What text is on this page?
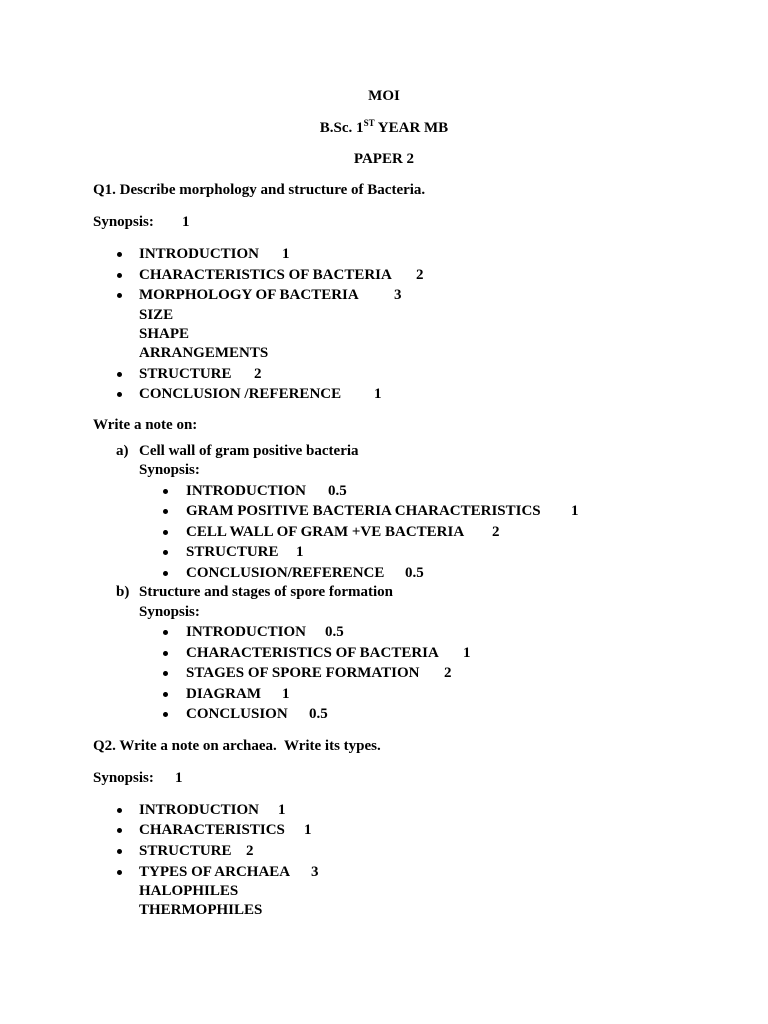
MOI
B.Sc. 1ST YEAR MB
PAPER 2
Q1. Describe morphology and structure of Bacteria.
Synopsis: 1
INTRODUCTION 1
CHARACTERISTICS OF BACTERIA 2
MORPHOLOGY OF BACTERIA 3
SIZE
SHAPE
ARRANGEMENTS
STRUCTURE 2
CONCLUSION /REFERENCE 1
Write a note on:
a) Cell wall of gram positive bacteria
Synopsis:
INTRODUCTION 0.5
GRAM POSITIVE BACTERIA CHARACTERISTICS 1
CELL WALL OF GRAM +VE BACTERIA 2
STRUCTURE 1
CONCLUSION/REFERENCE 0.5
b) Structure and stages of spore formation
Synopsis:
INTRODUCTION 0.5
CHARACTERISTICS OF BACTERIA 1
STAGES OF SPORE FORMATION 2
DIAGRAM 1
CONCLUSION 0.5
Q2. Write a note on archaea.  Write its types.
Synopsis: 1
INTRODUCTION 1
CHARACTERISTICS 1
STRUCTURE 2
TYPES OF ARCHAEA 3
HALOPHILES
THERMOPHILES
